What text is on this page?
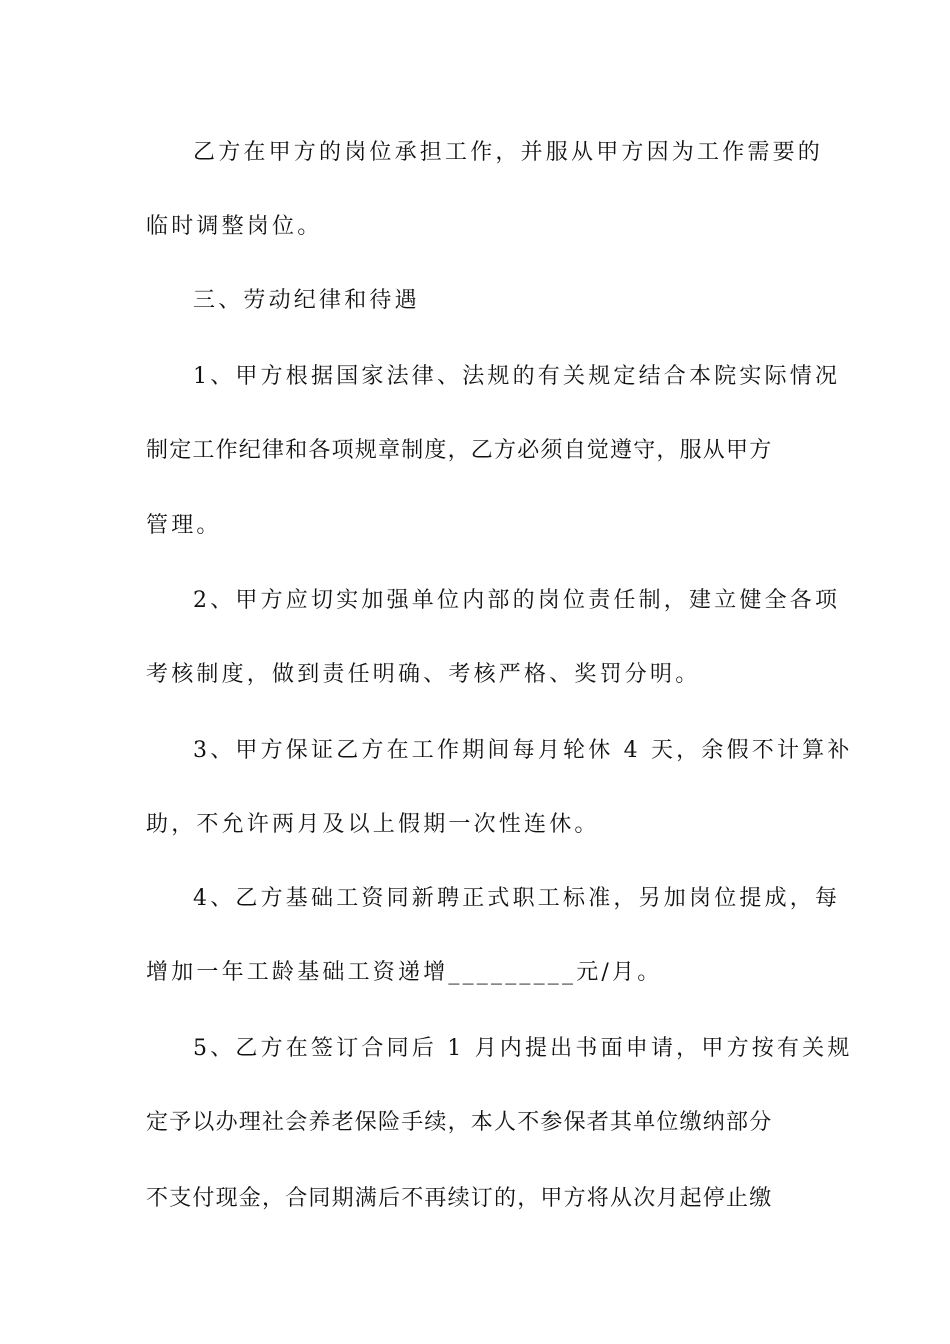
乙方在甲方的岗位承担工作，并服从甲方因为工作需要的
临时调整岗位。
三、劳动纪律和待遇
1、甲方根据国家法律、法规的有关规定结合本院实际情况
制定工作纪律和各项规章制度，乙方必须自觉遵守，服从甲方
管理。
2、甲方应切实加强单位内部的岗位责任制，建立健全各项
考核制度，做到责任明确、考核严格、奖罚分明。
3、甲方保证乙方在工作期间每月轮休 4 天，余假不计算补
助，不允许两月及以上假期一次性连休。
4、乙方基础工资同新聘正式职工标准，另加岗位提成，每
增加一年工龄基础工资递增_________元/月。
5、乙方在签订合同后 1 月内提出书面申请，甲方按有关规
定予以办理社会养老保险手续，本人不参保者其单位缴纳部分
不支付现金，合同期满后不再续订的，甲方将从次月起停止缴
